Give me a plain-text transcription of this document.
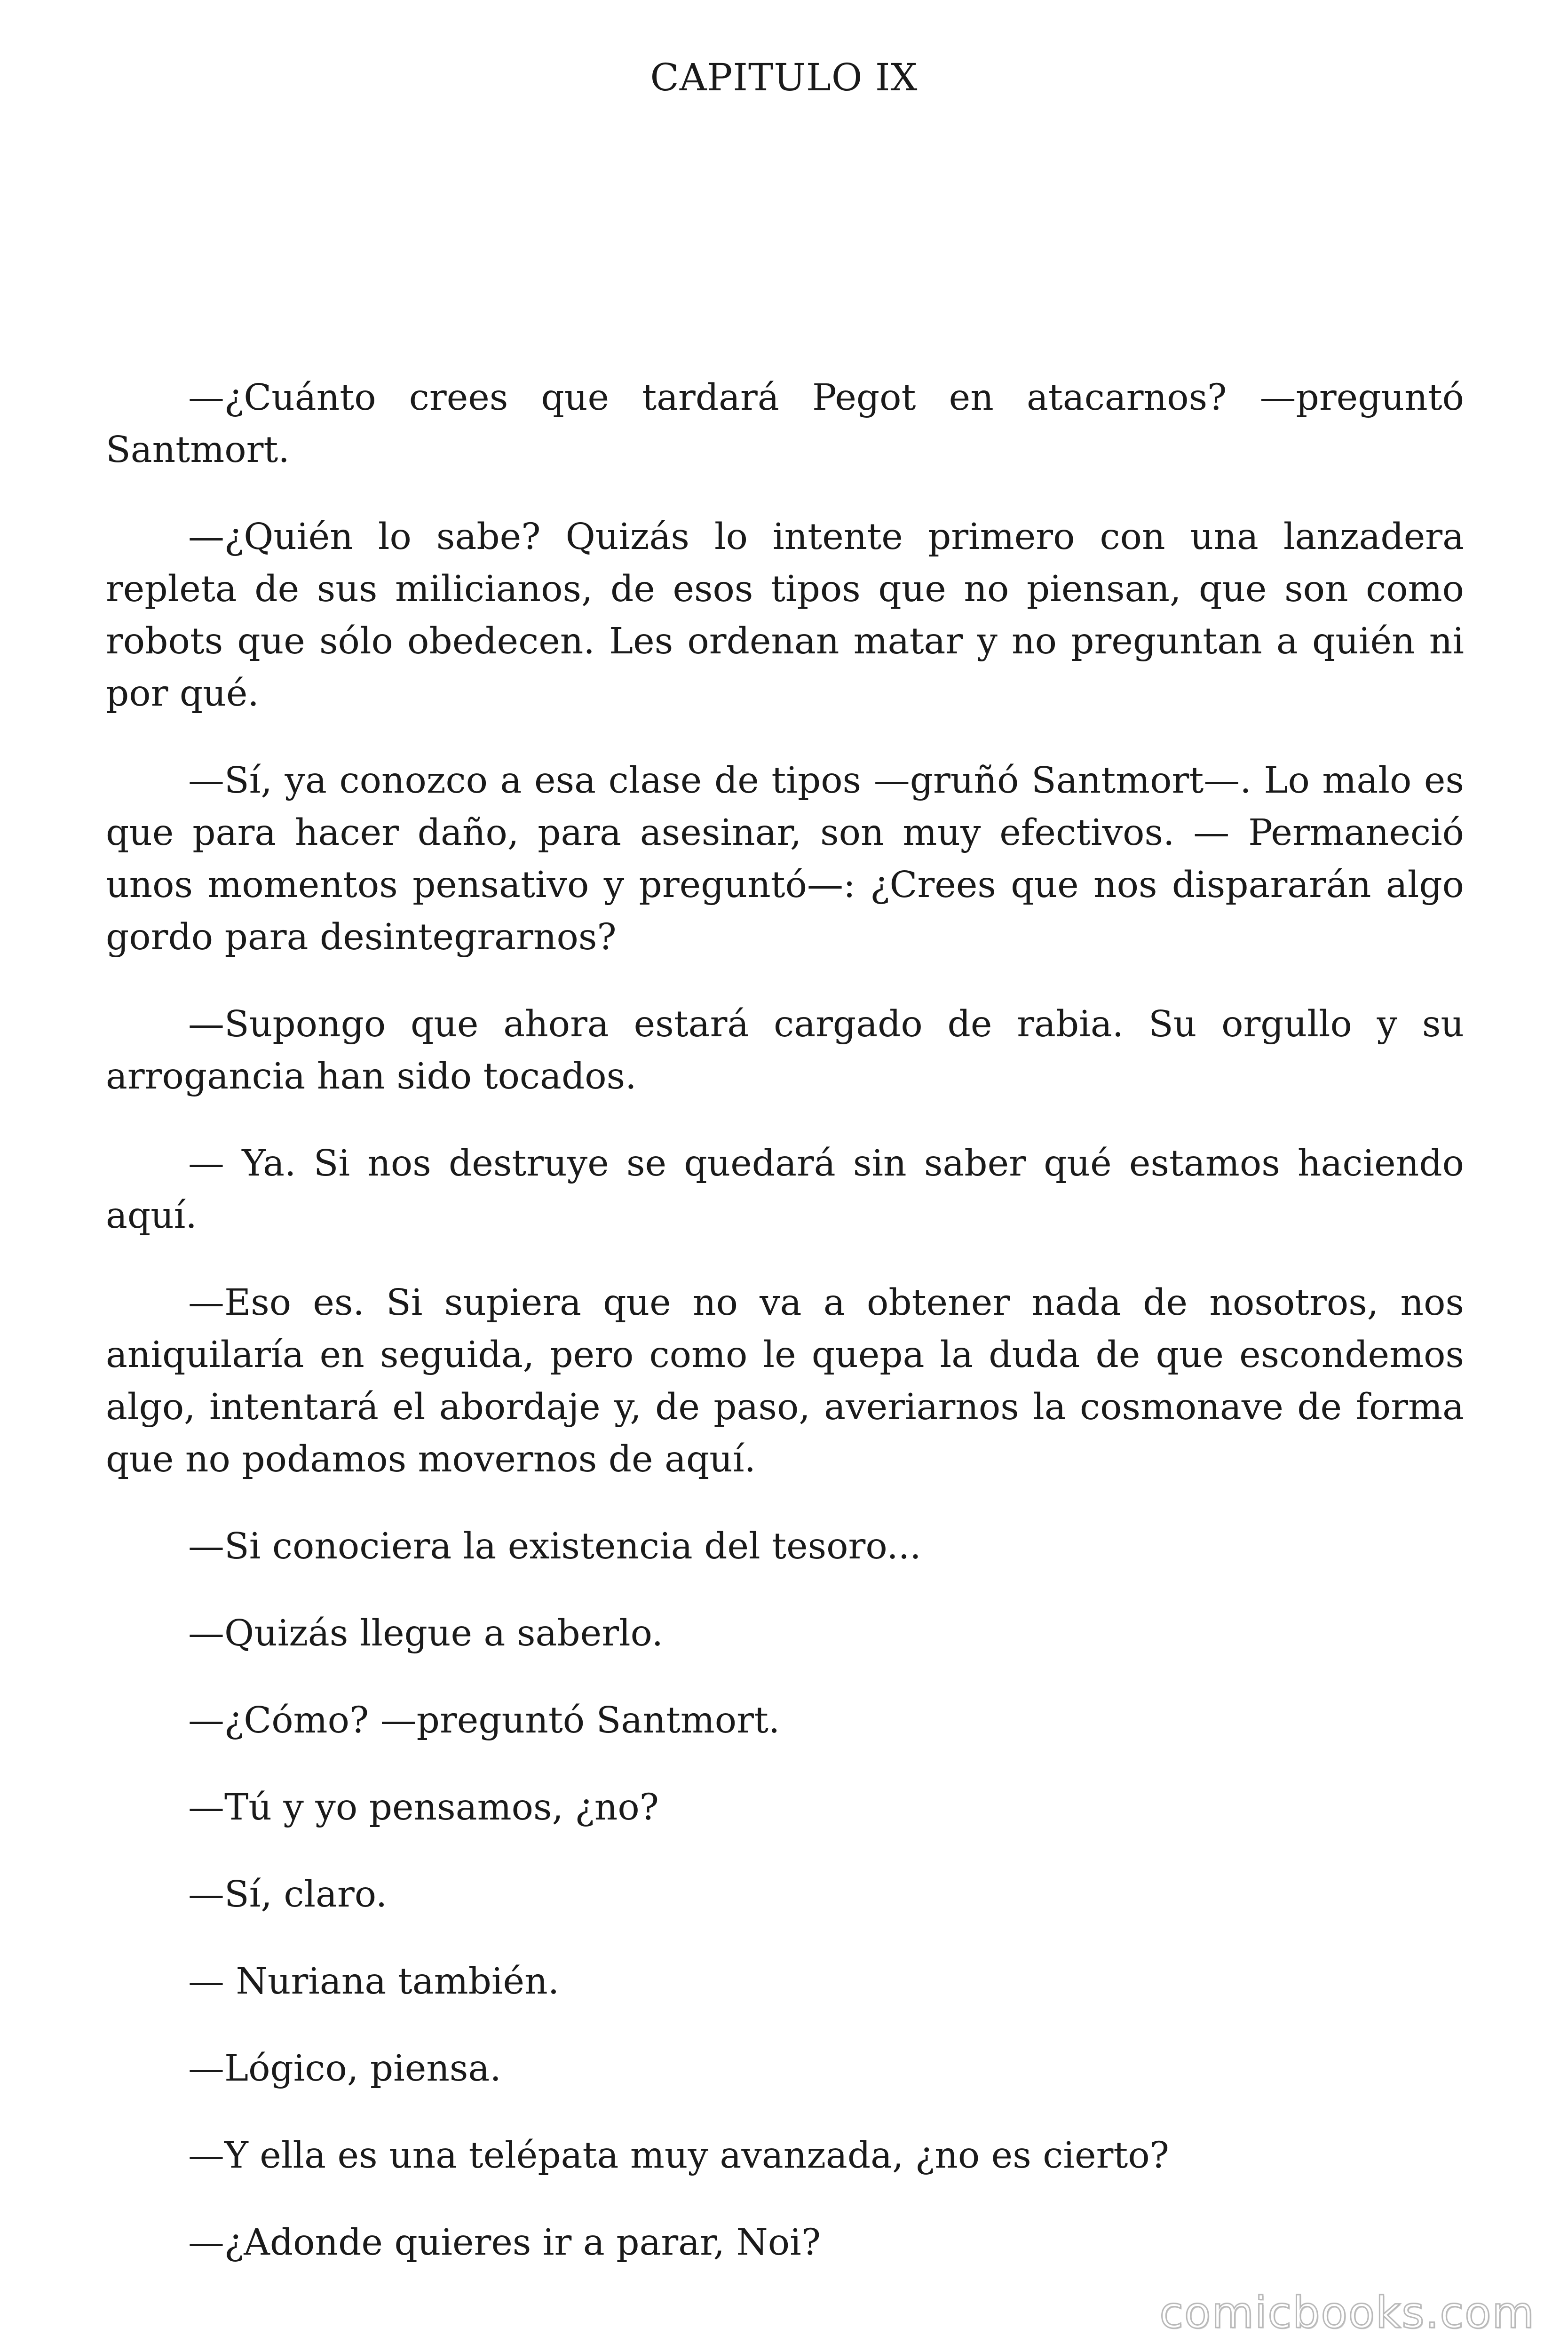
CAPITULO IX

—¿Cuánto crees que tardará Pegot en atacarnos? —preguntó Santmort.

—¿Quién lo sabe? Quizás lo intente primero con una lanzadera repleta de sus milicianos, de esos tipos que no piensan, que son como robots que sólo obedecen. Les ordenan matar y no preguntan a quién ni por qué.

—Sí, ya conozco a esa clase de tipos —gruñó Santmort—. Lo malo es que para hacer daño, para asesinar, son muy efectivos. — Permaneció unos momentos pensativo y preguntó—: ¿Crees que nos dispararán algo gordo para desintegrarnos?

—Supongo que ahora estará cargado de rabia. Su orgullo y su arrogancia han sido tocados.

— Ya. Si nos destruye se quedará sin saber qué estamos haciendo aquí.

—Eso es. Si supiera que no va a obtener nada de nosotros, nos aniquilaría en seguida, pero como le quepa la duda de que escondemos algo, intentará el abordaje y, de paso, averiarnos la cosmonave de forma que no podamos movernos de aquí.

—Si conociera la existencia del tesoro...

—Quizás llegue a saberlo.

—¿Cómo? —preguntó Santmort.

—Tú y yo pensamos, ¿no?

—Sí, claro.

— Nuriana también.

—Lógico, piensa.

—Y ella es una telépata muy avanzada, ¿no es cierto?

—¿Adonde quieres ir a parar, Noi?

comicbooks.com
